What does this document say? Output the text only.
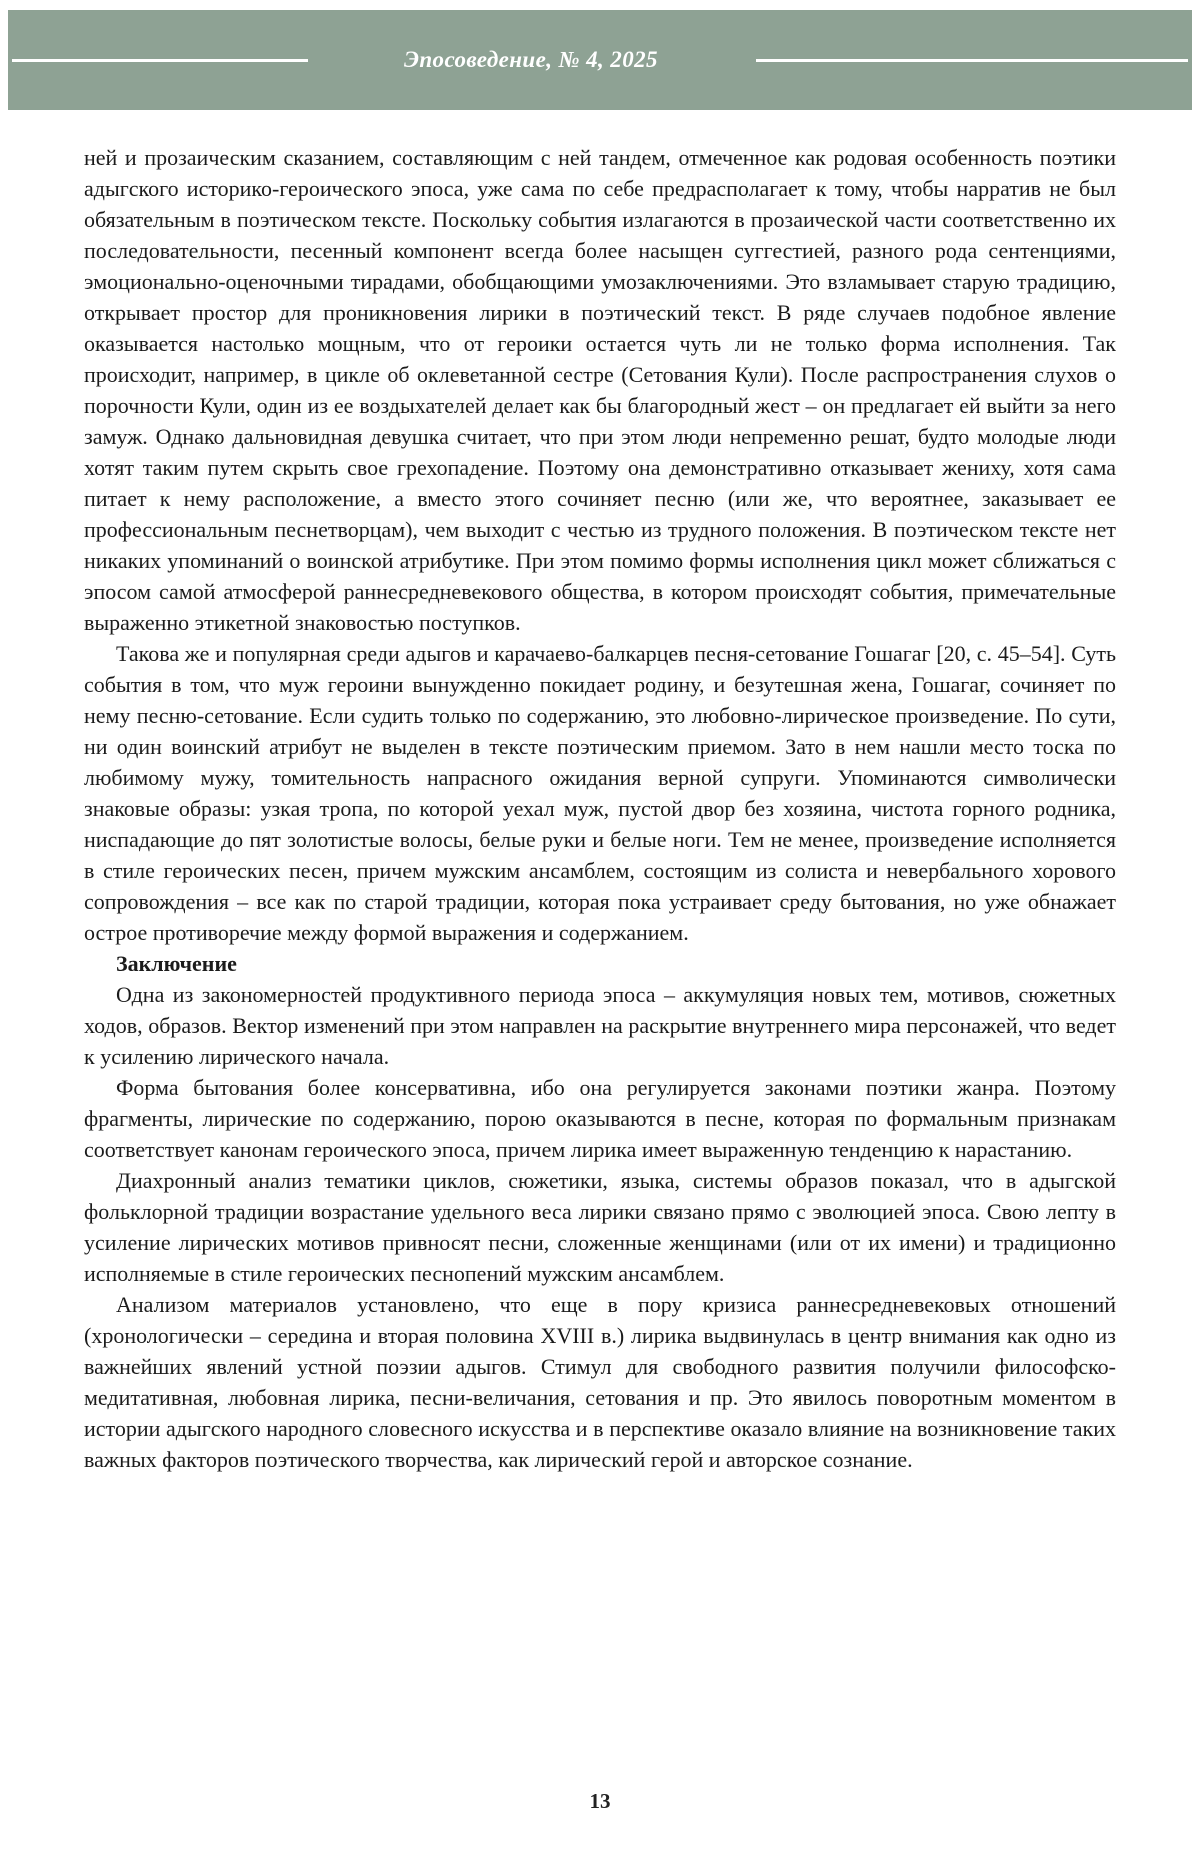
Эпосоведение, № 4, 2025

ней и прозаическим сказанием, составляющим с ней тандем, отмеченное как родовая особенность поэтики адыгского историко-героического эпоса, уже сама по себе предрасполагает к тому, чтобы нарратив не был обязательным в поэтическом тексте. Поскольку события излагаются в прозаической части соответственно их последовательности, песенный компонент всегда более насыщен суггестией, разного рода сентенциями, эмоционально-оценочными тирадами, обобщающими умозаключениями. Это взламывает старую традицию, открывает простор для проникновения лирики в поэтический текст. В ряде случаев подобное явление оказывается настолько мощным, что от героики остается чуть ли не только форма исполнения. Так происходит, например, в цикле об оклеветанной сестре (Сетования Кули). После распространения слухов о порочности Кули, один из ее воздыхателей делает как бы благородный жест – он предлагает ей выйти за него замуж. Однако дальновидная девушка считает, что при этом люди непременно решат, будто молодые люди хотят таким путем скрыть свое грехопадение. Поэтому она демонстративно отказывает жениху, хотя сама питает к нему расположение, а вместо этого сочиняет песню (или же, что вероятнее, заказывает ее профессиональным песнетворцам), чем выходит с честью из трудного положения. В поэтическом тексте нет никаких упоминаний о воинской атрибутике. При этом помимо формы исполнения цикл может сближаться с эпосом самой атмосферой раннесредневекового общества, в котором происходят события, примечательные выраженно этикетной знаковостью поступков.

Такова же и популярная среди адыгов и карачаево-балкарцев песня-сетование Гошагаг [20, с. 45–54]. Суть события в том, что муж героини вынужденно покидает родину, и безутешная жена, Гошагаг, сочиняет по нему песню-сетование. Если судить только по содержанию, это любовно-лирическое произведение. По сути, ни один воинский атрибут не выделен в тексте поэтическим приемом. Зато в нем нашли место тоска по любимому мужу, томительность напрасного ожидания верной супруги. Упоминаются символически знаковые образы: узкая тропа, по которой уехал муж, пустой двор без хозяина, чистота горного родника, ниспадающие до пят золотистые волосы, белые руки и белые ноги. Тем не менее, произведение исполняется в стиле героических песен, причем мужским ансамблем, состоящим из солиста и невербального хорового сопровождения – все как по старой традиции, которая пока устраивает среду бытования, но уже обнажает острое противоречие между формой выражения и содержанием.

Заключение

Одна из закономерностей продуктивного периода эпоса – аккумуляция новых тем, мотивов, сюжетных ходов, образов. Вектор изменений при этом направлен на раскрытие внутреннего мира персонажей, что ведет к усилению лирического начала.

Форма бытования более консервативна, ибо она регулируется законами поэтики жанра. Поэтому фрагменты, лирические по содержанию, порою оказываются в песне, которая по формальным признакам соответствует канонам героического эпоса, причем лирика имеет выраженную тенденцию к нарастанию.

Диахронный анализ тематики циклов, сюжетики, языка, системы образов показал, что в адыгской фольклорной традиции возрастание удельного веса лирики связано прямо с эволюцией эпоса. Свою лепту в усиление лирических мотивов привносят песни, сложенные женщинами (или от их имени) и традиционно исполняемые в стиле героических песнопений мужским ансамблем.

Анализом материалов установлено, что еще в пору кризиса раннесредневековых отношений (хронологически – середина и вторая половина XVIII в.) лирика выдвинулась в центр внимания как одно из важнейших явлений устной поэзии адыгов. Стимул для свободного развития получили философско-медитативная, любовная лирика, песни-величания, сетования и пр. Это явилось поворотным моментом в истории адыгского народного словесного искусства и в перспективе оказало влияние на возникновение таких важных факторов поэтического творчества, как лирический герой и авторское сознание.

13
